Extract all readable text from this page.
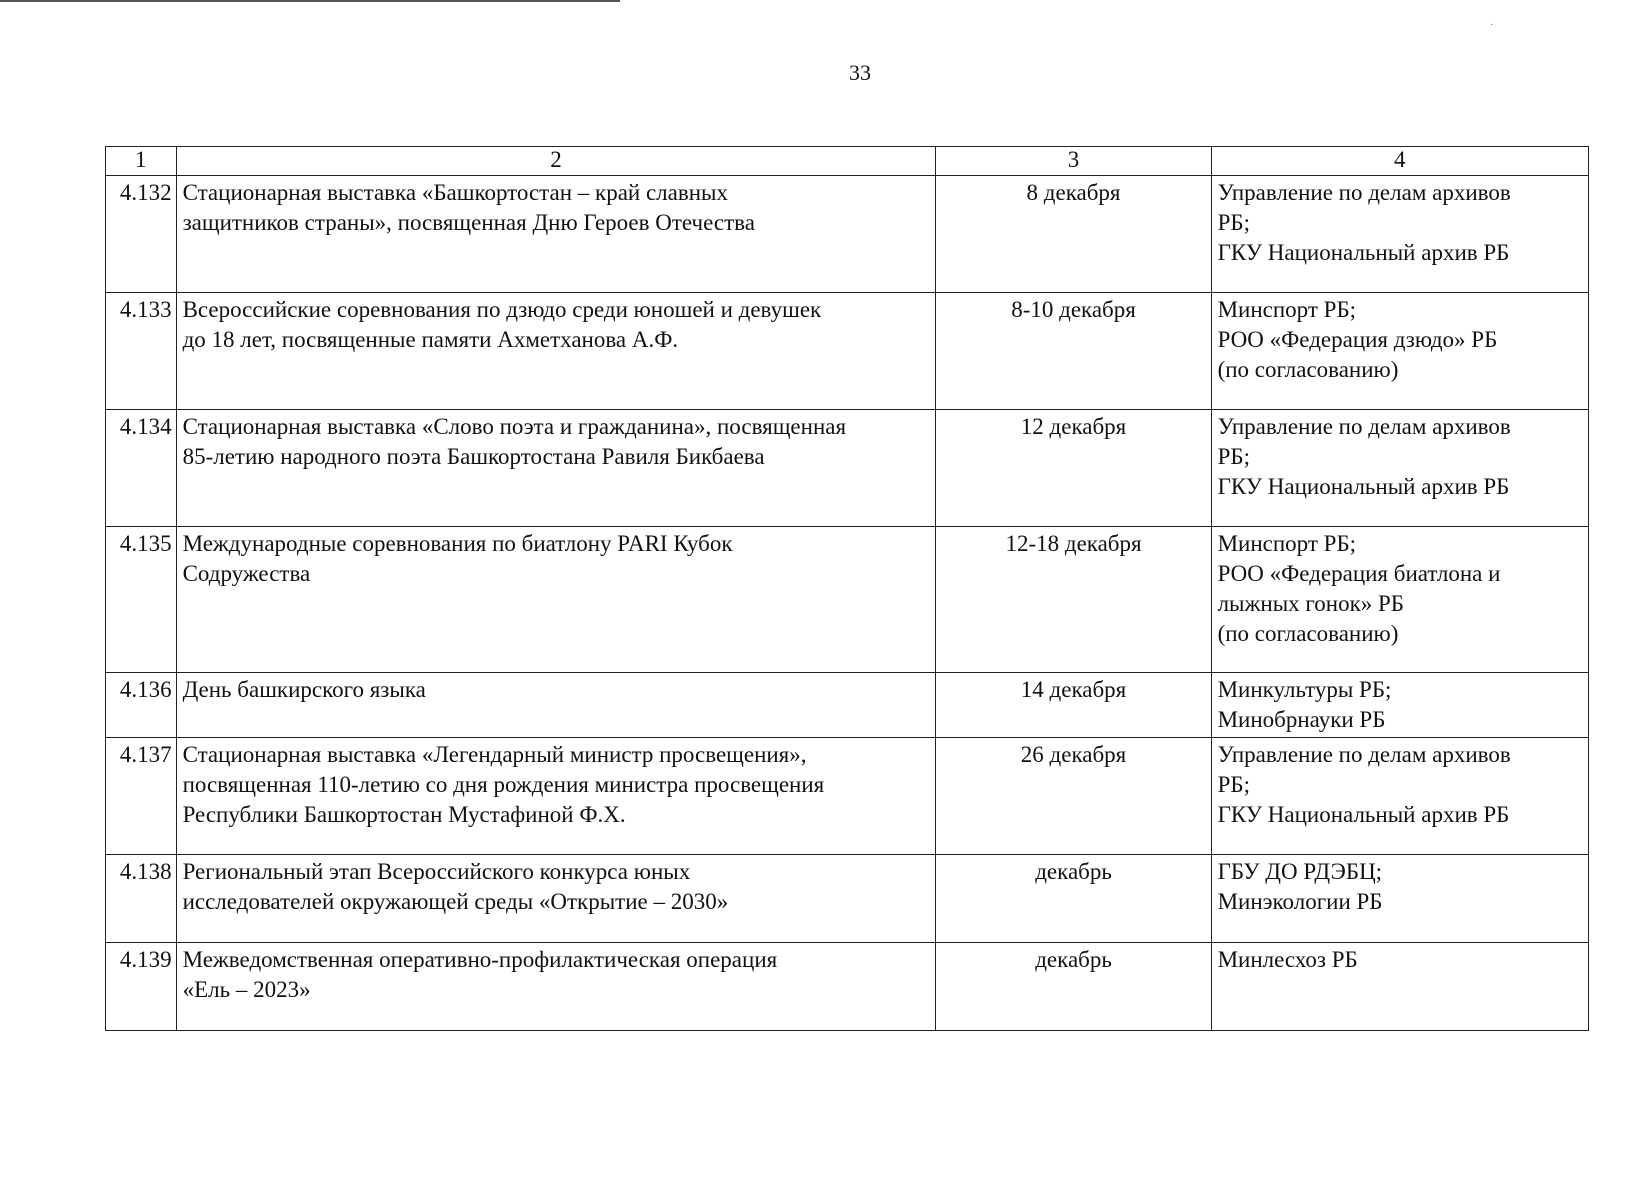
·
33
1	2	3	4
4.132	Стационарная выставка «Башкортостан – край славных
защитников страны», посвященная Дню Героев Отечества	8 декабря	Управление по делам архивов
РБ;
ГКУ Национальный архив РБ

4.133	Всероссийские соревнования по дзюдо среди юношей и девушек
до 18 лет, посвященные памяти Ахметханова А.Ф.	8-10 декабря	Минспорт РБ;
РОО «Федерация дзюдо» РБ
(по согласованию)

4.134	Стационарная выставка «Слово поэта и гражданина», посвященная
85-летию народного поэта Башкортостана Равиля Бикбаева	12 декабря	Управление по делам архивов
РБ;
ГКУ Национальный архив РБ

4.135	Международные соревнования по биатлону PARI Кубок
Содружества	12-18 декабря	Минспорт РБ;
РОО «Федерация биатлона и
лыжных гонок» РБ
(по согласованию)

4.136	День башкирского языка	14 декабря	Минкультуры РБ;
Минобрнауки РБ

4.137	Стационарная выставка «Легендарный министр просвещения»,
посвященная 110-летию со дня рождения министра просвещения
Республики Башкортостан Мустафиной Ф.Х.	26 декабря	Управление по делам архивов
РБ;
ГКУ Национальный архив РБ

4.138	Региональный этап Всероссийского конкурса юных
исследователей окружающей среды «Открытие – 2030»	декабрь	ГБУ ДО РДЭБЦ;
Минэкологии РБ

4.139	Межведомственная оперативно-профилактическая операция
«Ель – 2023»	декабрь	Минлесхоз РБ
